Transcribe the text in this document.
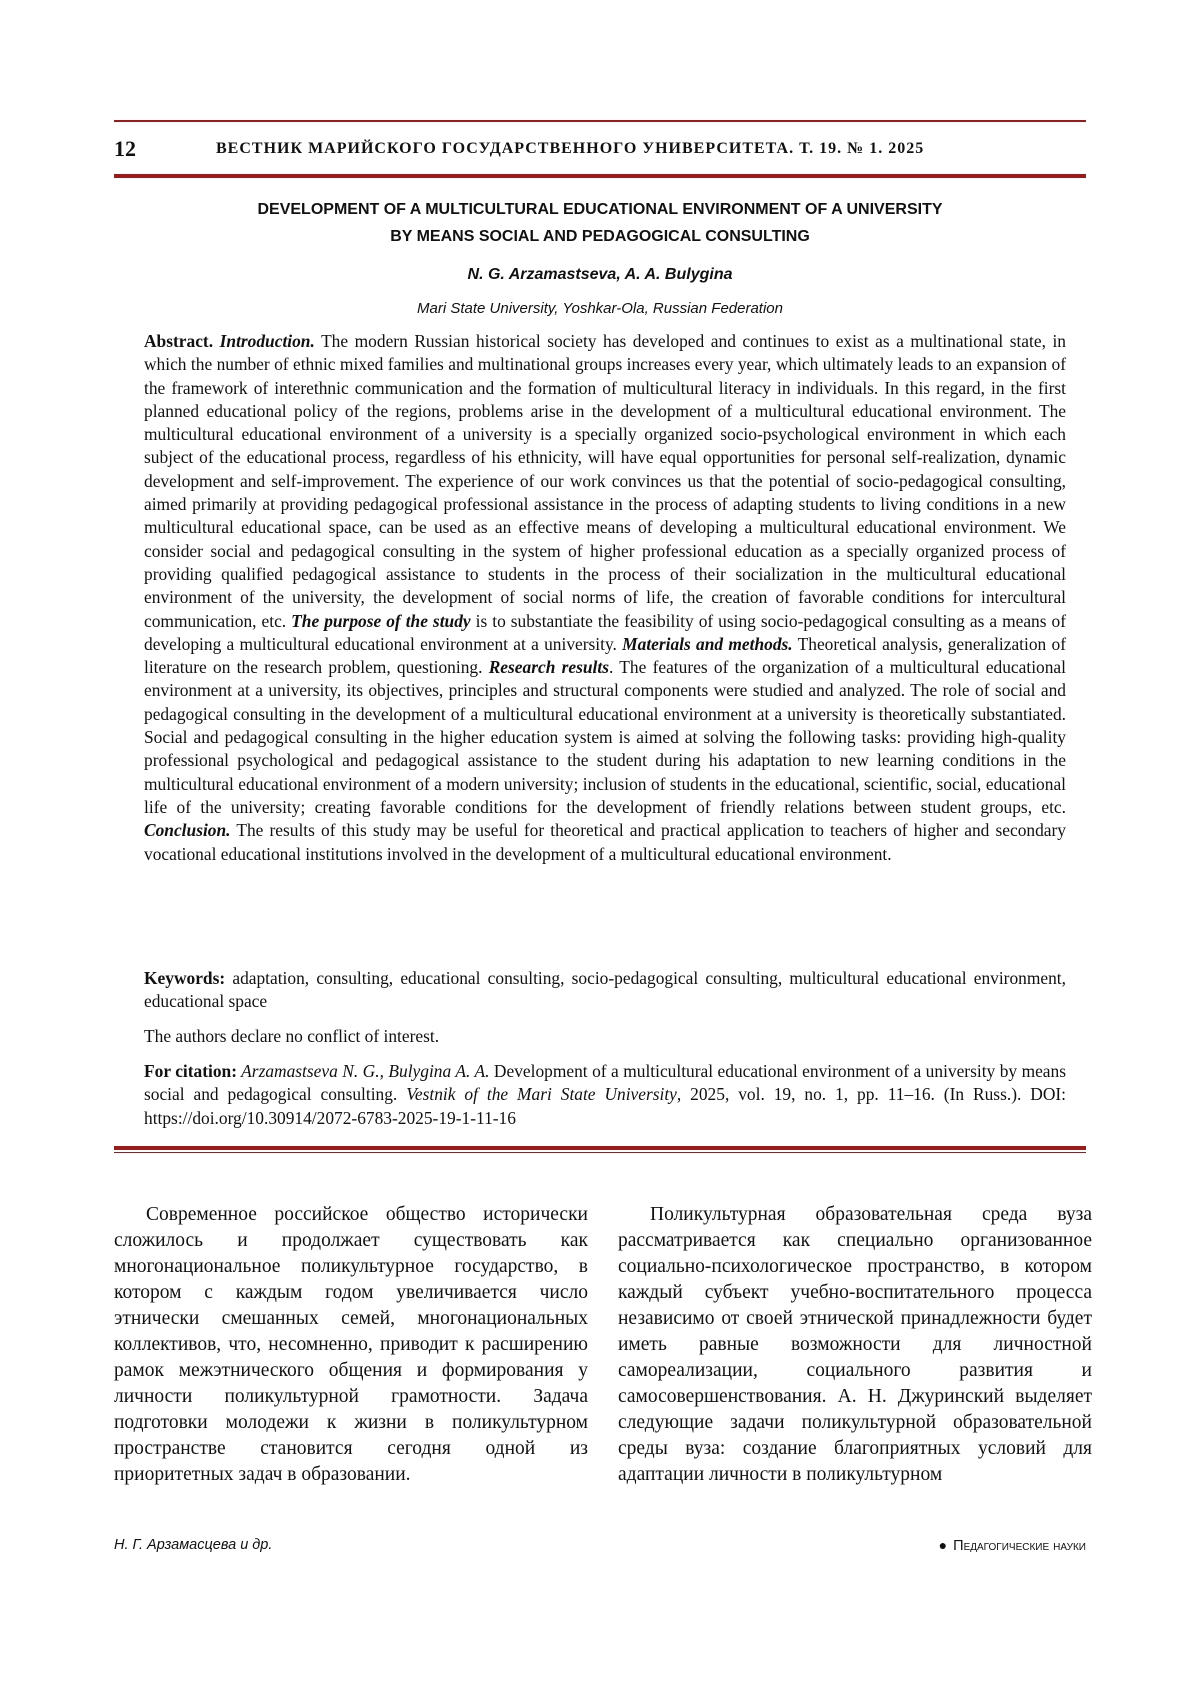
12	ВЕСТНИК МАРИЙСКОГО ГОСУДАРСТВЕННОГО УНИВЕРСИТЕТА. Т. 19. № 1. 2025
DEVELOPMENT OF A MULTICULTURAL EDUCATIONAL ENVIRONMENT OF A UNIVERSITY
BY MEANS SOCIAL AND PEDAGOGICAL CONSULTING
N. G. Arzamastseva, A. A. Bulygina
Mari State University, Yoshkar-Ola, Russian Federation

Abstract. Introduction. The modern Russian historical society has developed and continues to exist as a multinational state, in which the number of ethnic mixed families and multinational groups increases every year, which ultimately leads to an expansion of the framework of interethnic communication and the formation of multicultural literacy in individuals. In this regard, in the first planned educational policy of the regions, problems arise in the development of a multicultural educational environment. The multicultural educational environment of a university is a specially organized socio-psychological environment in which each subject of the educational process, regardless of his ethnicity, will have equal opportunities for personal self-realization, dynamic development and self-improvement. The experience of our work convinces us that the potential of socio-pedagogical consulting, aimed primarily at providing pedagogical professional assistance in the process of adapting students to living conditions in a new multicultural educational space, can be used as an effective means of developing a multicultural educational environment. We consider social and pedagogical consulting in the system of higher professional education as a specially organized process of providing qualified pedagogical assistance to students in the process of their socialization in the multicultural educational environment of the university, the development of social norms of life, the creation of favorable conditions for intercultural communication, etc. The purpose of the study is to substantiate the feasibility of using socio-pedagogical consulting as a means of developing a multicultural educational environment at a university. Materials and methods. Theoretical analysis, generalization of literature on the research problem, questioning. Research results. The features of the organization of a multicultural educational environment at a university, its objectives, principles and structural components were studied and analyzed. The role of social and pedagogical consulting in the development of a multicultural educational environment at a university is theoretically substantiated. Social and pedagogical consulting in the higher education system is aimed at solving the following tasks: providing high-quality professional psychological and pedagogical assistance to the student during his adaptation to new learning conditions in the multicultural educational environment of a modern university; inclusion of students in the educational, scientific, social, educational life of the university; creating favorable conditions for the development of friendly relations between student groups, etc. Conclusion. The results of this study may be useful for theoretical and practical application to teachers of higher and secondary vocational educational institutions involved in the development of a multicultural educational environment.

Keywords: adaptation, consulting, educational consulting, socio-pedagogical consulting, multicultural educational environment, educational space

The authors declare no conflict of interest.

For citation: Arzamastseva N. G., Bulygina A. A. Development of a multicultural educational environment of a university by means social and pedagogical consulting. Vestnik of the Mari State University, 2025, vol. 19, no. 1, pp. 11–16. (In Russ.). DOI: https://doi.org/10.30914/2072-6783-2025-19-1-11-16

Современное российское общество исторически сложилось и продолжает существовать как многонациональное поликультурное государство, в котором с каждым годом увеличивается число этнически смешанных семей, многонациональных коллективов, что, несомненно, приводит к расширению рамок межэтнического общения и формирования у личности поликультурной грамотности. Задача подготовки молодежи к жизни в поликультурном пространстве становится сегодня одной из приоритетных задач в образовании.

Поликультурная образовательная среда вуза рассматривается как специально организованное социально-психологическое пространство, в котором каждый субъект учебно-воспитательного процесса независимо от своей этнической принадлежности будет иметь равные возможности для личностной самореализации, социального развития и самосовершенствования. А. Н. Джуринский выделяет следующие задачи поликультурной образовательной среды вуза: создание благоприятных условий для адаптации личности в поликультурном

Н. Г. Арзамасцева и др.	● Педагогические науки
